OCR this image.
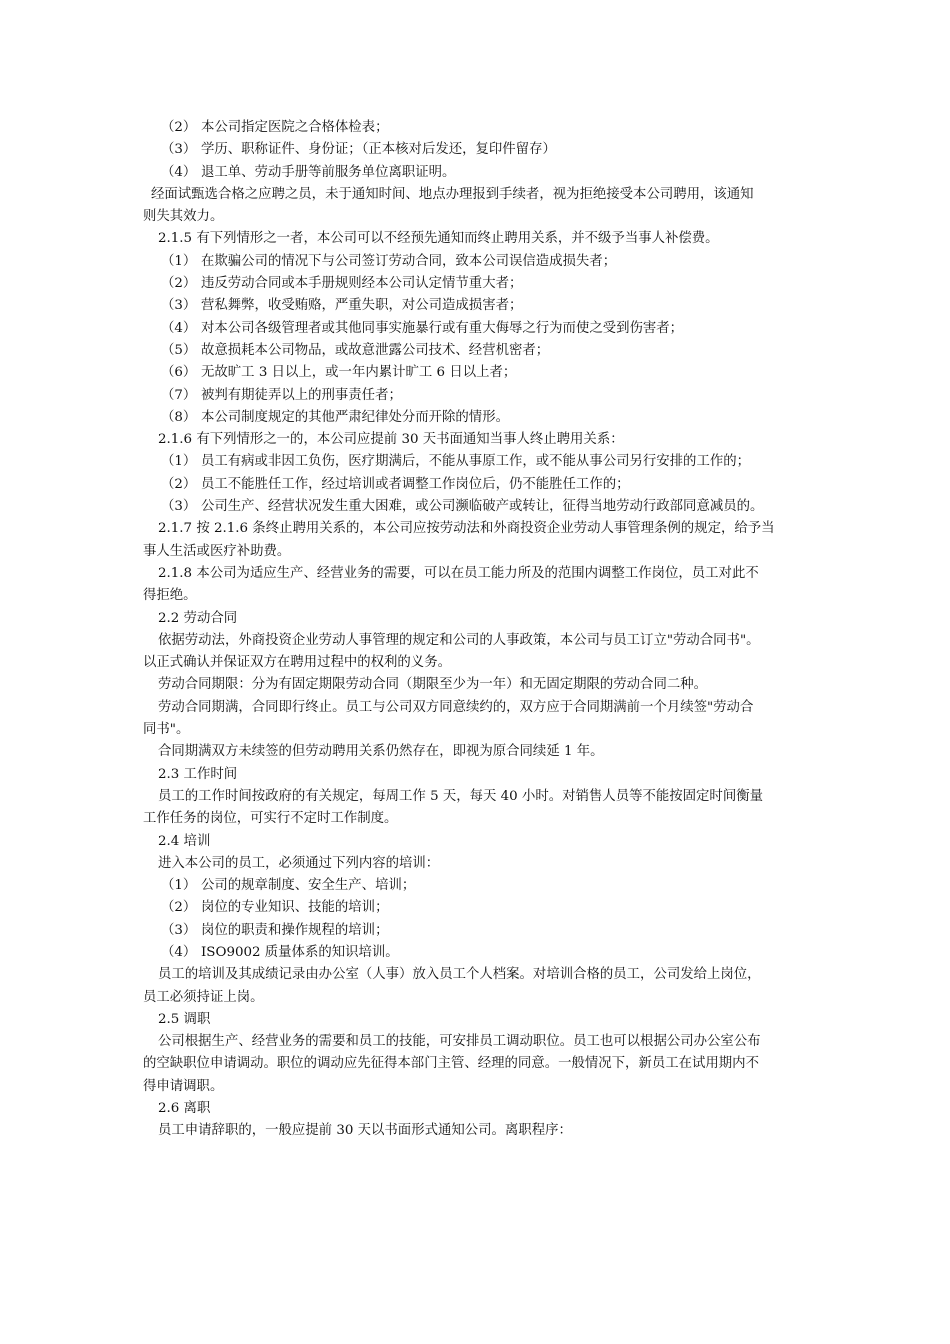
（2） 本公司指定医院之合格体检表；
（3） 学历、职称证件、身份证；（正本核对后发还，复印件留存）
（4） 退工单、劳动手册等前服务单位离职证明。
经面试甄选合格之应聘之员，未于通知时间、地点办理报到手续者，视为拒绝接受本公司聘用，该通知
则失其效力。
2.1.5 有下列情形之一者，本公司可以不经预先通知而终止聘用关系，并不级予当事人补偿费。
（1） 在欺骗公司的情况下与公司签订劳动合同，致本公司误信造成损失者；
（2） 违反劳动合同或本手册规则经本公司认定情节重大者；
（3） 营私舞弊，收受贿赂，严重失职，对公司造成损害者；
（4） 对本公司各级管理者或其他同事实施暴行或有重大侮辱之行为而使之受到伤害者；
（5） 故意损耗本公司物品，或故意泄露公司技术、经营机密者；
（6） 无故旷工 3 日以上，或一年内累计旷工 6 日以上者；
（7） 被判有期徒弄以上的刑事责任者；
（8） 本公司制度规定的其他严肃纪律处分而开除的情形。
2.1.6 有下列情形之一的，本公司应提前 30 天书面通知当事人终止聘用关系：
（1） 员工有病或非因工负伤，医疗期满后，不能从事原工作，或不能从事公司另行安排的工作的；
（2） 员工不能胜任工作，经过培训或者调整工作岗位后，仍不能胜任工作的；
（3） 公司生产、经营状况发生重大困难，或公司濒临破产或转让，征得当地劳动行政部同意减员的。
2.1.7 按 2.1.6 条终止聘用关系的，本公司应按劳动法和外商投资企业劳动人事管理条例的规定，给予当
事人生活或医疗补助费。
2.1.8 本公司为适应生产、经营业务的需要，可以在员工能力所及的范围内调整工作岗位，员工对此不
得拒绝。
2.2 劳动合同
依据劳动法，外商投资企业劳动人事管理的规定和公司的人事政策，本公司与员工订立"劳动合同书"。
以正式确认并保证双方在聘用过程中的权利的义务。
劳动合同期限：分为有固定期限劳动合同（期限至少为一年）和无固定期限的劳动合同二种。
劳动合同期满，合同即行终止。员工与公司双方同意续约的，双方应于合同期满前一个月续签"劳动合
同书"。
合同期满双方未续签的但劳动聘用关系仍然存在，即视为原合同续延 1 年。
2.3 工作时间
员工的工作时间按政府的有关规定，每周工作 5 天，每天 40 小时。对销售人员等不能按固定时间衡量
工作任务的岗位，可实行不定时工作制度。
2.4 培训
进入本公司的员工，必须通过下列内容的培训：
（1） 公司的规章制度、安全生产、培训；
（2） 岗位的专业知识、技能的培训；
（3） 岗位的职责和操作规程的培训；
（4） ISO9002 质量体系的知识培训。
员工的培训及其成绩记录由办公室（人事）放入员工个人档案。对培训合格的员工，公司发给上岗位，
员工必须持证上岗。
2.5 调职
公司根据生产、经营业务的需要和员工的技能，可安排员工调动职位。员工也可以根据公司办公室公布
的空缺职位申请调动。职位的调动应先征得本部门主管、经理的同意。一般情况下，新员工在试用期内不
得申请调职。
2.6 离职
员工申请辞职的，一般应提前 30 天以书面形式通知公司。离职程序：
